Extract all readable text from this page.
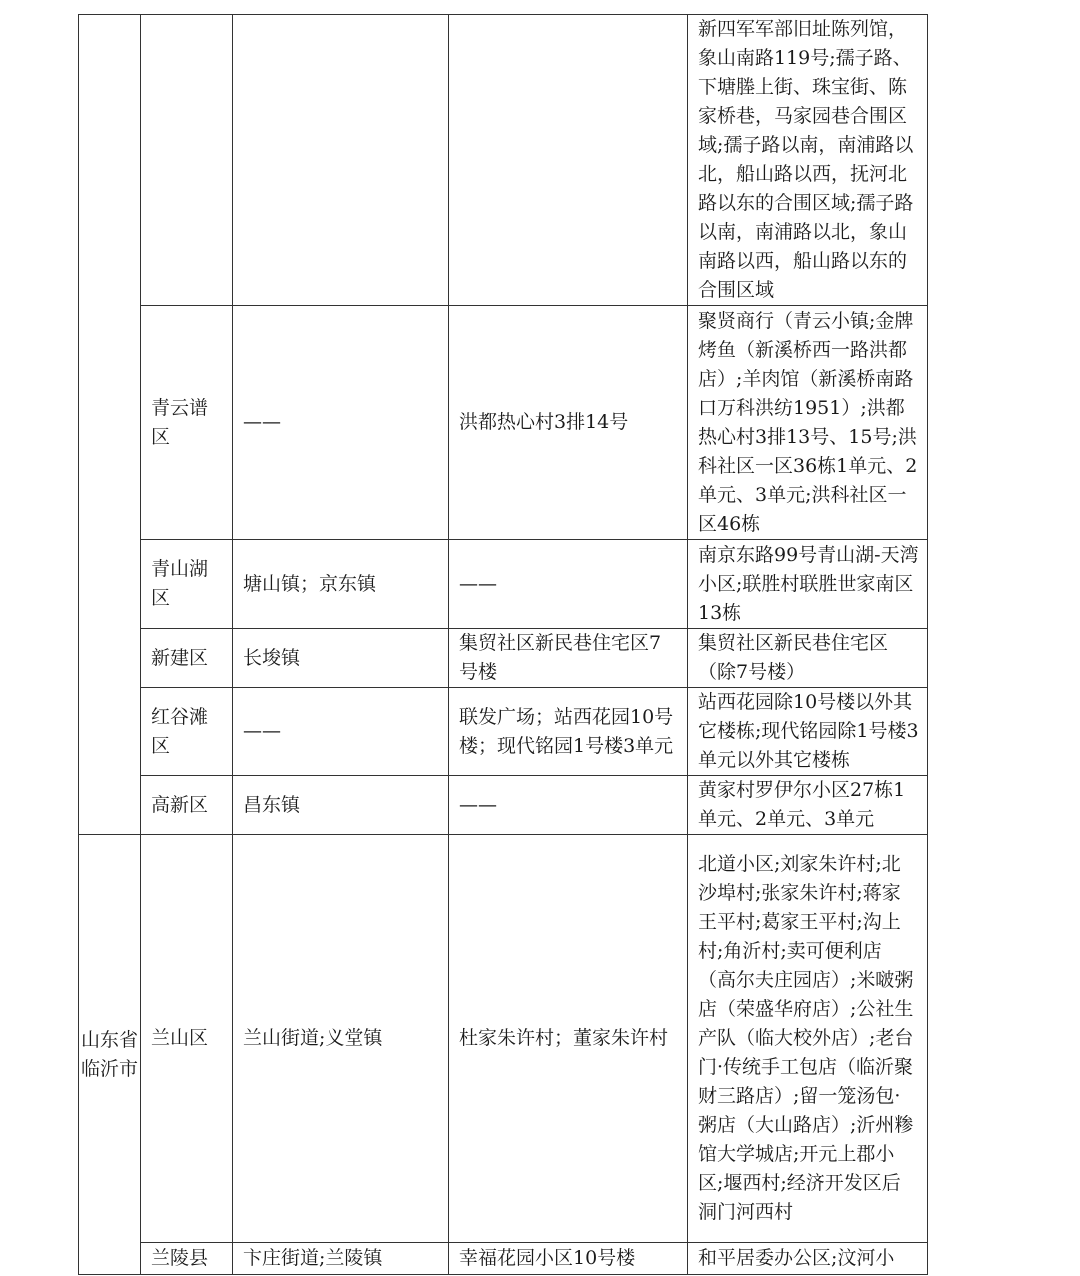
				新四军军部旧址陈列馆，象山南路119号;孺子路、下塘塍上街、珠宝街、陈家桥巷，马家园巷合围区域;孺子路以南，南浦路以北，船山路以西，抚河北路以东的合围区域;孺子路以南，南浦路以北，象山南路以西，船山路以东的合围区域

	青云谱区	——	洪都热心村3排14号	聚贤商行（青云小镇;金牌烤鱼（新溪桥西一路洪都店）;羊肉馆（新溪桥南路口万科洪纺1951）;洪都热心村3排13号、15号;洪科社区一区36栋1单元、2单元、3单元;洪科社区一区46栋

	青山湖区	塘山镇；京东镇	——	南京东路99号青山湖-天湾小区;联胜村联胜世家南区13栋

	新建区	长埈镇	集贸社区新民巷住宅区7号楼	集贸社区新民巷住宅区（除7号楼）

	红谷滩区	——	联发广场；站西花园10号楼；现代铭园1号楼3单元	站西花园除10号楼以外其它楼栋;现代铭园除1号楼3单元以外其它楼栋

	高新区	昌东镇	——	黄家村罗伊尔小区27栋1单元、2单元、3单元

山东省临沂市	兰山区	兰山街道;义堂镇	杜家朱许村；董家朱许村	北道小区;刘家朱许村;北沙埠村;张家朱许村;蒋家王平村;葛家王平村;沟上村;角沂村;卖可便利店（高尔夫庄园店）;米啵粥店（荣盛华府店）;公社生产队（临大校外店）;老台门·传统手工包店（临沂聚财三路店）;留一笼汤包·粥店（大山路店）;沂州糁馆大学城店;开元上郡小区;堰西村;经济开发区后洞门河西村

	兰陵县	卞庄街道;兰陵镇	幸福花园小区10号楼	和平居委办公区;汶河小
